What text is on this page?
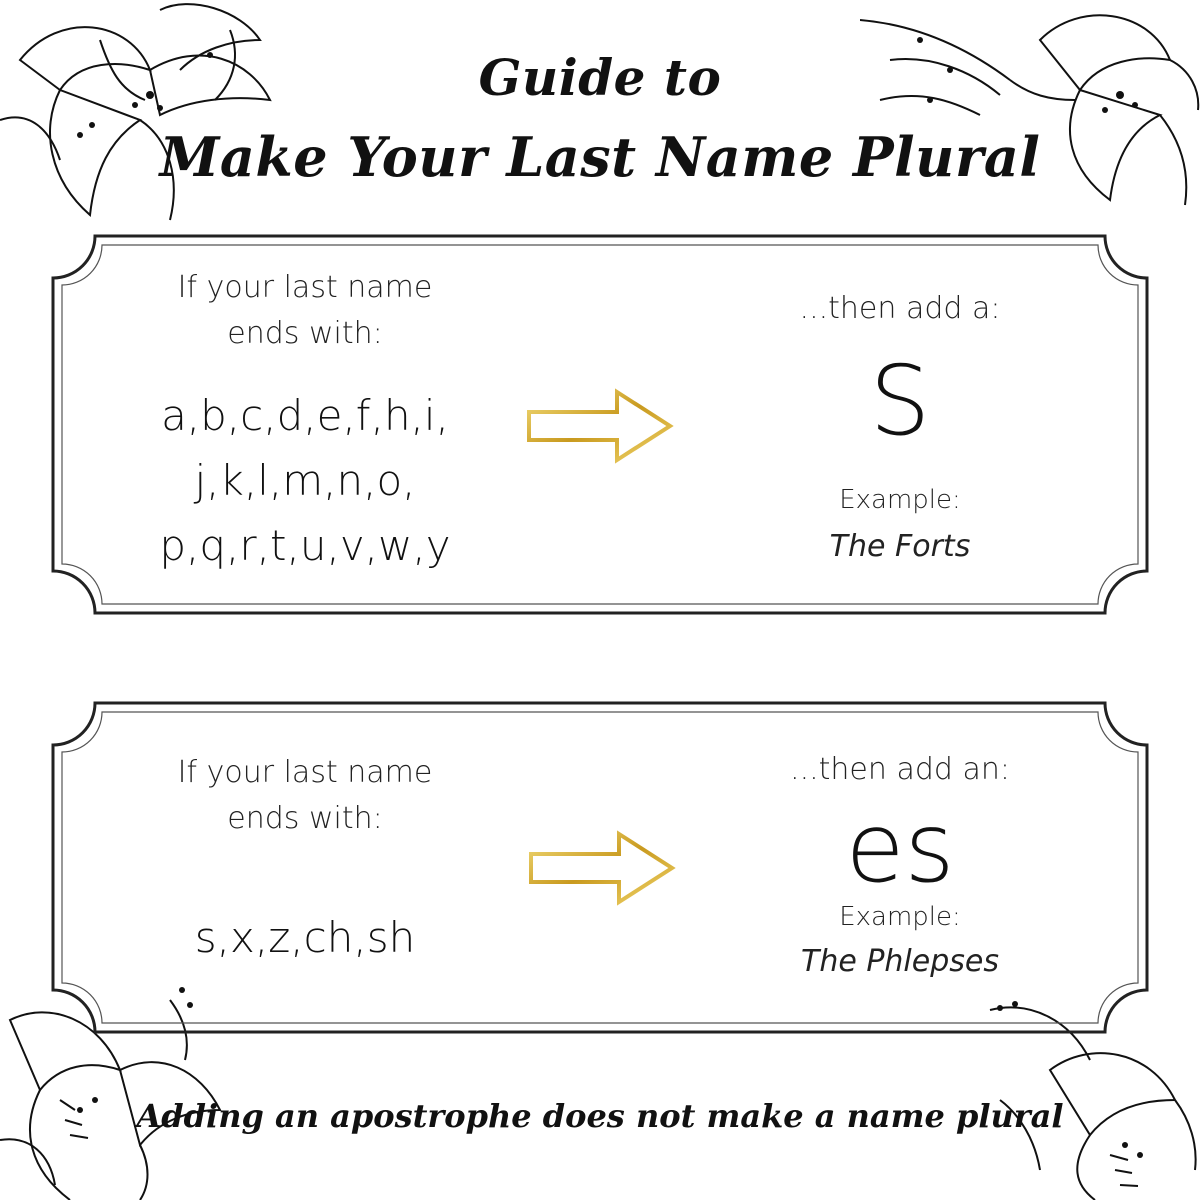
Guide to
Make Your Last Name Plural
If your last name ends with:
a,b,c,d,e,f,h,i,
j,k,l,m,n,o,
p,q,r,t,u,v,w,y
...then add a:
S
Example:
The Forts
If your last name ends with:
s,x,z,ch,sh
...then add an:
es
Example:
The Phlepses
Adding an apostrophe does not make a name plural
